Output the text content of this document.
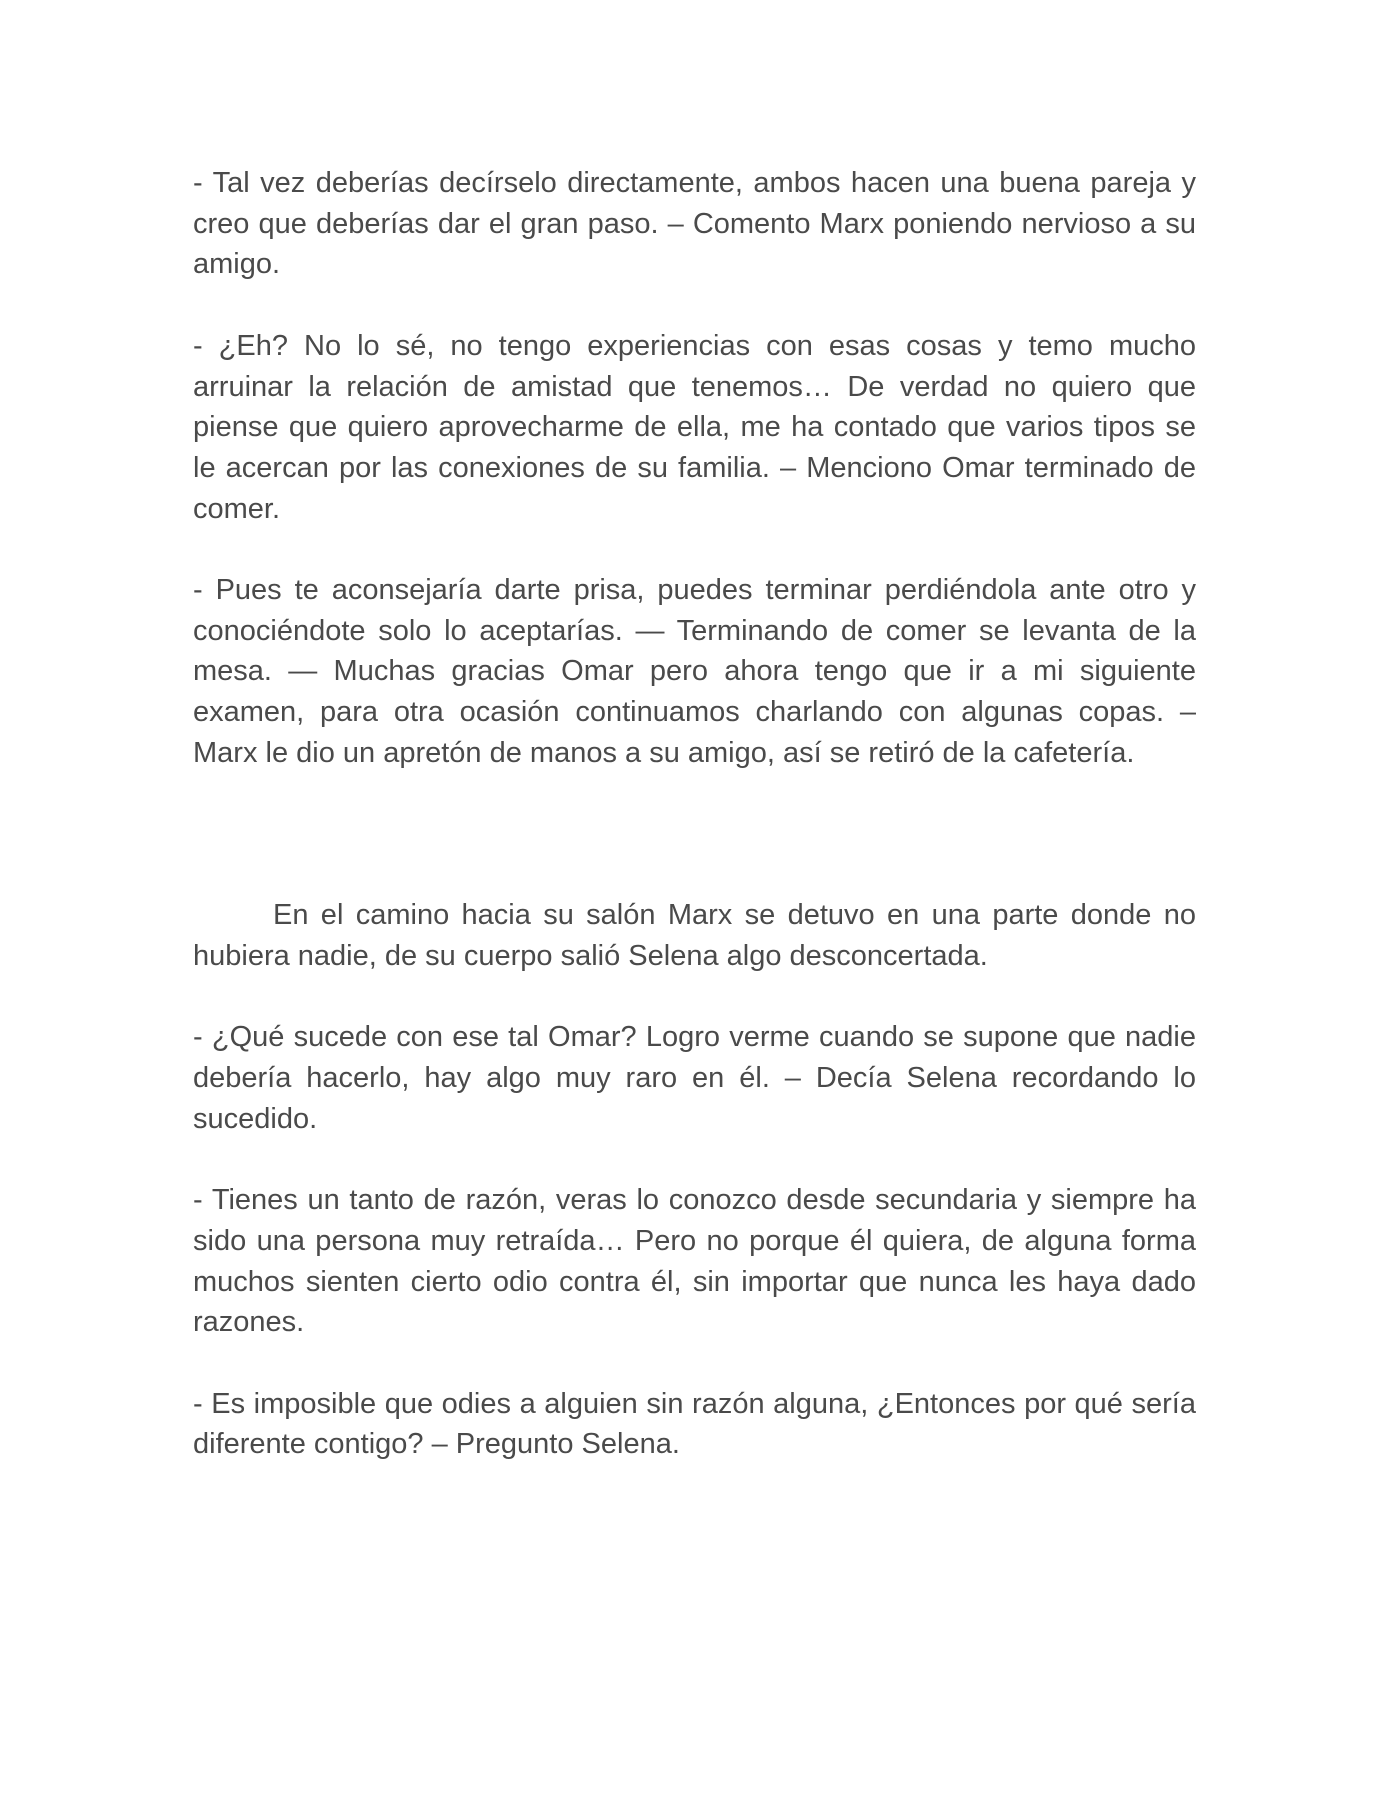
- Tal vez deberías decírselo directamente, ambos hacen una buena pareja y creo que deberías dar el gran paso. – Comento Marx poniendo nervioso a su amigo.

- ¿Eh? No lo sé, no tengo experiencias con esas cosas y temo mucho arruinar la relación de amistad que tenemos… De verdad no quiero que piense que quiero aprovecharme de ella, me ha contado que varios tipos se le acercan por las conexiones de su familia. – Menciono Omar terminado de comer.

- Pues te aconsejaría darte prisa, puedes terminar perdiéndola ante otro y conociéndote solo lo aceptarías. — Terminando de comer se levanta de la mesa. — Muchas gracias Omar pero ahora tengo que ir a mi siguiente examen, para otra ocasión continuamos charlando con algunas copas. – Marx le dio un apretón de manos a su amigo, así se retiró de la cafetería.

En el camino hacia su salón Marx se detuvo en una parte donde no hubiera nadie, de su cuerpo salió Selena algo desconcertada.

- ¿Qué sucede con ese tal Omar? Logro verme cuando se supone que nadie debería hacerlo, hay algo muy raro en él. – Decía Selena recordando lo sucedido.

- Tienes un tanto de razón, veras lo conozco desde secundaria y siempre ha sido una persona muy retraída… Pero no porque él quiera, de alguna forma muchos sienten cierto odio contra él, sin importar que nunca les haya dado razones.

- Es imposible que odies a alguien sin razón alguna, ¿Entonces por qué sería diferente contigo? – Pregunto Selena.
